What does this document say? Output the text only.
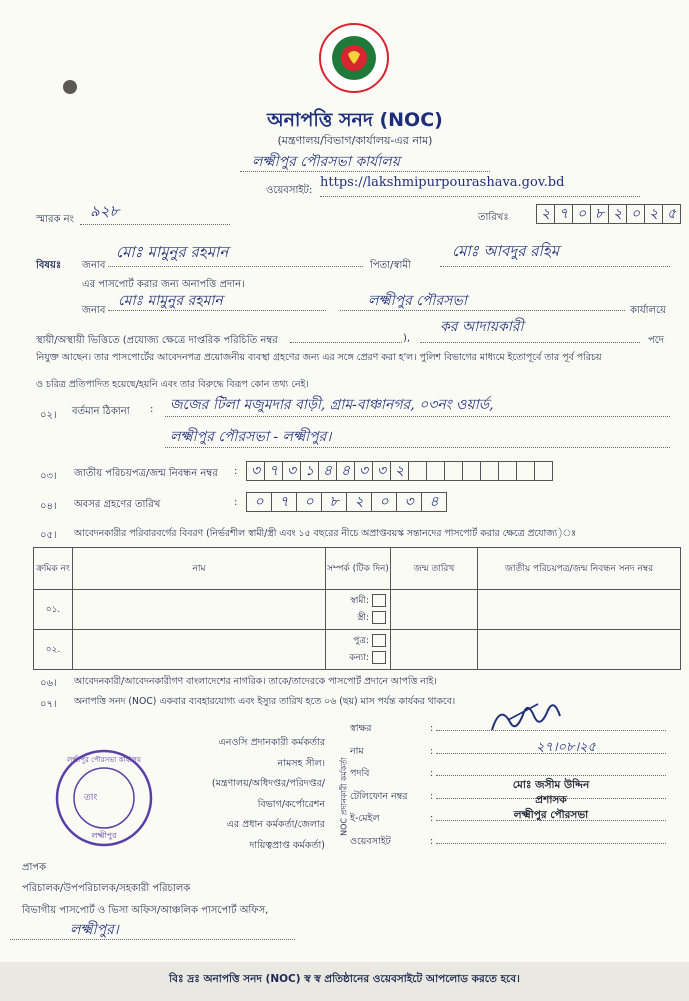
অনাপত্তি সনদ (NOC)
(মন্ত্রণালয়/বিভাগ/কার্যালয়-এর নাম)
লক্ষ্মীপুর পৌরসভা কার্যালয়
ওয়েবসাইট:
https://lakshmipurpourashava.gov.bd
স্মারক নং ৯২৮	তারিখঃ	২ ৭ ০ ৮ ২ ০ ২ ৫
বিষয়ঃ জনাব
মোঃ মামুনুর রহমান
পিতা/স্বামী
মোঃ আবদুর রহিম
এর পাসপোর্ট করার জন্য অনাপত্তি প্রদান।
জনাব
মোঃ মামুনুর রহমান	লক্ষ্মীপুর পৌরসভা
কার্যালয়ে
স্থায়ী/অস্থায়ী ভিত্তিতে (প্রযোজ্য ক্ষেত্রে দাপ্তরিক পরিচিতি নম্বর	),
কর আদায়কারী
পদে
নিযুক্ত আছেন। তার পাসপোর্টের আবেদনপত্র প্রয়োজনীয় ব্যবস্থা গ্রহণের জন্য এর সঙ্গে প্রেরণ করা হ'ল। পুলিশ বিভাগের মাধ্যমে ইতোপূর্বে তার পূর্ব পরিচয়
ও চরিত্র প্রতিপাদিত হয়েছে/হয়নি এবং তার বিরুদ্ধে বিরূপ কোন তথ্য নেই।
০২। বর্তমান ঠিকানা : জজের টিলা মজুমদার বাড়ী, গ্রাম-বাঞ্চানগর, ০৩নং ওয়ার্ড,
লক্ষ্মীপুর পৌরসভা - লক্ষ্মীপুর।
০৩। জাতীয় পরিচয়পত্র/জন্ম নিবন্ধন নম্বর : ৩ ৭ ৩ ১ ৪ ৪ ৩ ৩ ২
০৪। অবসর গ্রহণের তারিখ	:	০	৭	০	৮	২	০	৩	৪
০৫। আবেদনকারীর পরিবারবর্গের বিবরণ (নির্ভরশীল স্বামী/স্ত্রী এবং ১৫ বছরের নীচে অপ্রাপ্তবয়স্ক সন্তানদের পাসপোর্ট করার ক্ষেত্রে প্রযোজ্য)ঃ
ক্রমিক নং	নাম	সম্পর্ক (টিক দিন)	জন্ম তারিখ	জাতীয় পরিচয়পত্র/জন্ম নিবন্ধন সনদ নম্বর
০১.		স্বামী:
স্ত্রী:		
০২.		পুত্র:
কন্যা:		
০৬। আবেদনকারী/আবেদনকারীগণ বাংলাদেশের নাগরিক। তাকে/তাদেরকে পাসপোর্ট প্রদানে আপত্তি নাই।
০৭। অনাপত্তি সনদ (NOC) একবার ব্যবহারযোগ্য এবং ইস্যুর তারিখ হতে ০৬ (ছয়) মাস পর্যন্ত কার্যকর থাকবে।
এনওসি প্রদানকারী কর্মকর্তার
নামসহ সীল।
(মন্ত্রণালয়/অধিদপ্তর/পরিদপ্তর/
বিভাগ/কর্পোরেশন
এর প্রধান কর্মকর্তা/জেলার
দায়িত্বপ্রাপ্ত কর্মকর্তা)
NOC প্রদানকারী কর্মকর্তা
স্বাক্ষর	:
নাম	:
পদবি	:
টেলিফোন নম্বর :
ই-মেইল	:
ওয়েবসাইট	:
২৭।০৮।২৫
মোঃ জসীম উদ্দিন
প্রশাসক
লক্ষ্মীপুর পৌরসভা
লক্ষ্মীপুর পৌরসভা কার্যালয়
তাং
লক্ষ্মীপুর
প্রাপক
পরিচালক/উপপরিচালক/সহকারী পরিচালক
বিভাগীয় পাসপোর্ট ও ভিসা অফিস/আঞ্চলিক পাসপোর্ট অফিস,
লক্ষ্মীপুর।
বিঃ দ্রঃ অনাপত্তি সনদ (NOC) স্ব স্ব প্রতিষ্ঠানের ওয়েবসাইটে আপলোড করতে হবে।
